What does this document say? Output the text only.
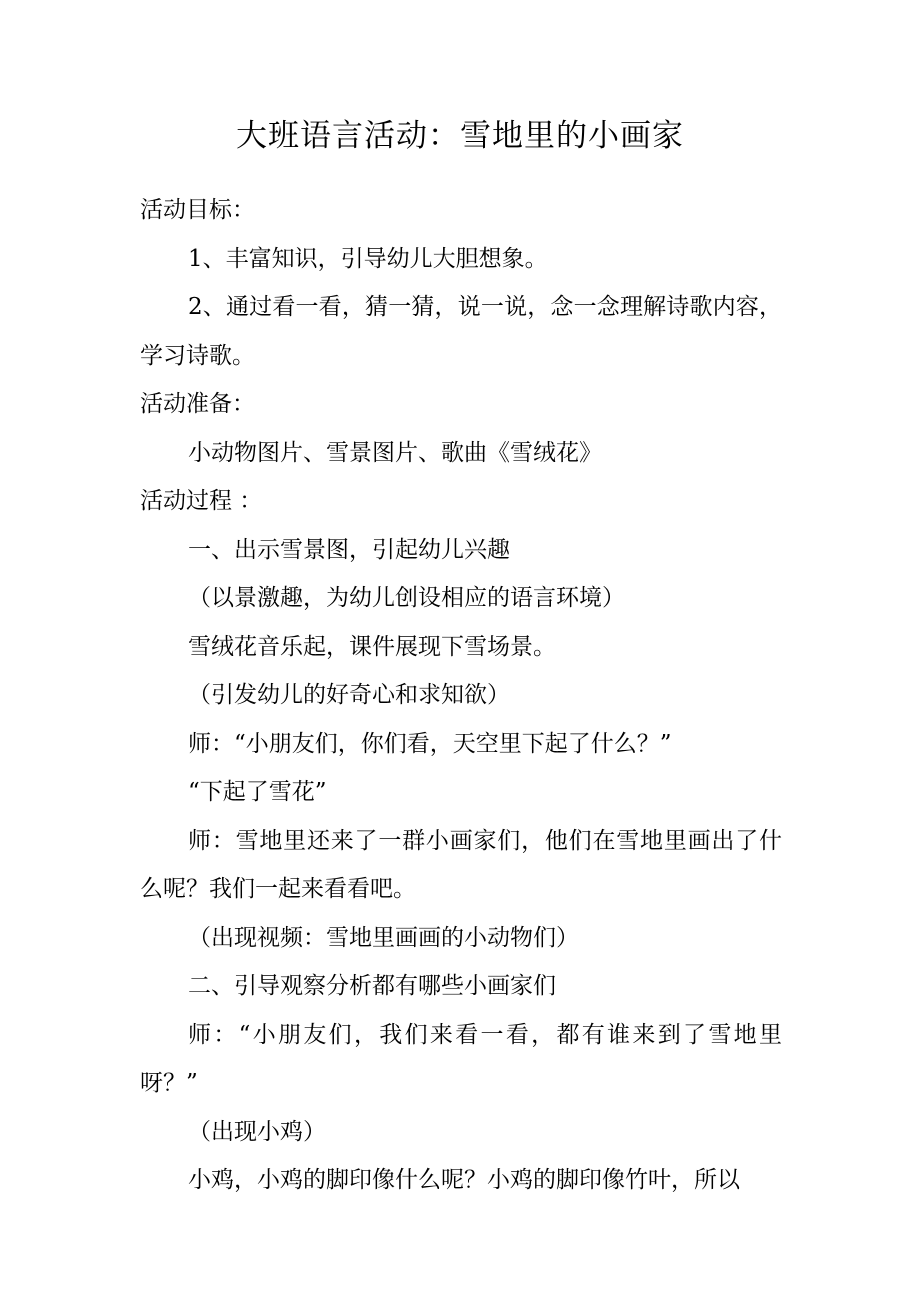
大班语言活动：雪地里的小画家

活动目标：

1、丰富知识，引导幼儿大胆想象。

2、通过看一看，猜一猜，说一说，念一念理解诗歌内容，学习诗歌。

活动准备：

小动物图片、雪景图片、歌曲《雪绒花》

活动过程 ：

一、出示雪景图，引起幼儿兴趣

（以景激趣，为幼儿创设相应的语言环境）

雪绒花音乐起，课件展现下雪场景。

（引发幼儿的好奇心和求知欲）

师：“小朋友们，你们看，天空里下起了什么？”

“下起了雪花”

师：雪地里还来了一群小画家们，他们在雪地里画出了什么呢？我们一起来看看吧。

（出现视频：雪地里画画的小动物们）

二、引导观察分析都有哪些小画家们

师：“小朋友们，我们来看一看，都有谁来到了雪地里呀？”

（出现小鸡）

小鸡，小鸡的脚印像什么呢？小鸡的脚印像竹叶，所以
